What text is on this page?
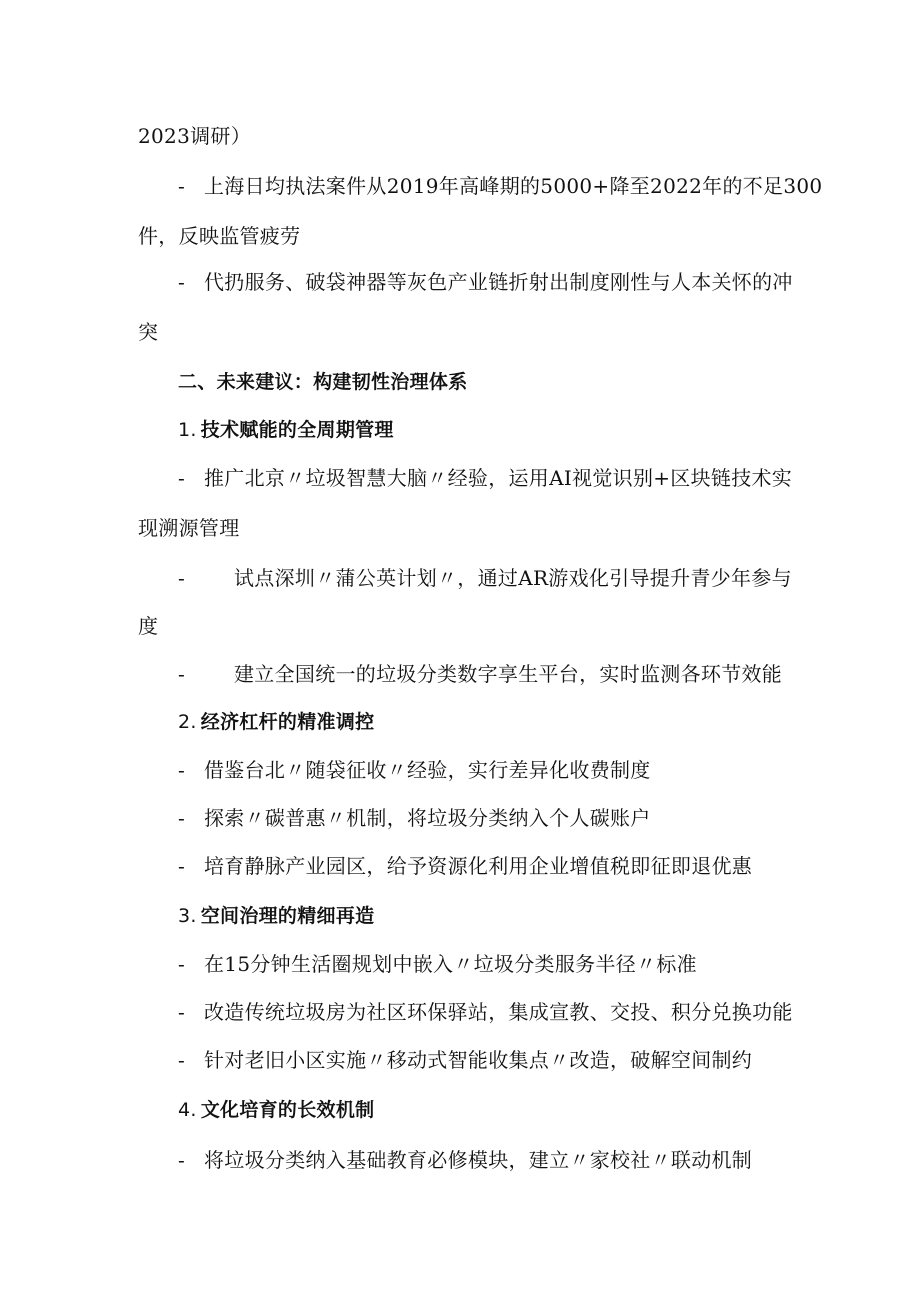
2023调研）
- 上海日均执法案件从2019年高峰期的5000+降至2022年的不足300
件，反映监管疲劳
- 代扔服务、破袋神器等灰色产业链折射出制度刚性与人本关怀的冲
突
二、未来建议：构建韧性治理体系
1. 技术赋能的全周期管理
- 推广北京〃垃圾智慧大脑〃经验，运用AI视觉识别+区块链技术实
现溯源管理
- 试点深圳〃蒲公英计划〃，通过AR游戏化引导提升青少年参与
度
- 建立全国统一的垃圾分类数字享生平台，实时监测各环节效能
2. 经济杠杆的精准调控
- 借鉴台北〃随袋征收〃经验，实行差异化收费制度
- 探索〃碳普惠〃机制，将垃圾分类纳入个人碳账户
- 培育静脉产业园区，给予资源化利用企业增值税即征即退优惠
3. 空间治理的精细再造
- 在15分钟生活圈规划中嵌入〃垃圾分类服务半径〃标准
- 改造传统垃圾房为社区环保驿站，集成宣教、交投、积分兑换功能
- 针对老旧小区实施〃移动式智能收集点〃改造，破解空间制约
4. 文化培育的长效机制
- 将垃圾分类纳入基础教育必修模块，建立〃家校社〃联动机制
